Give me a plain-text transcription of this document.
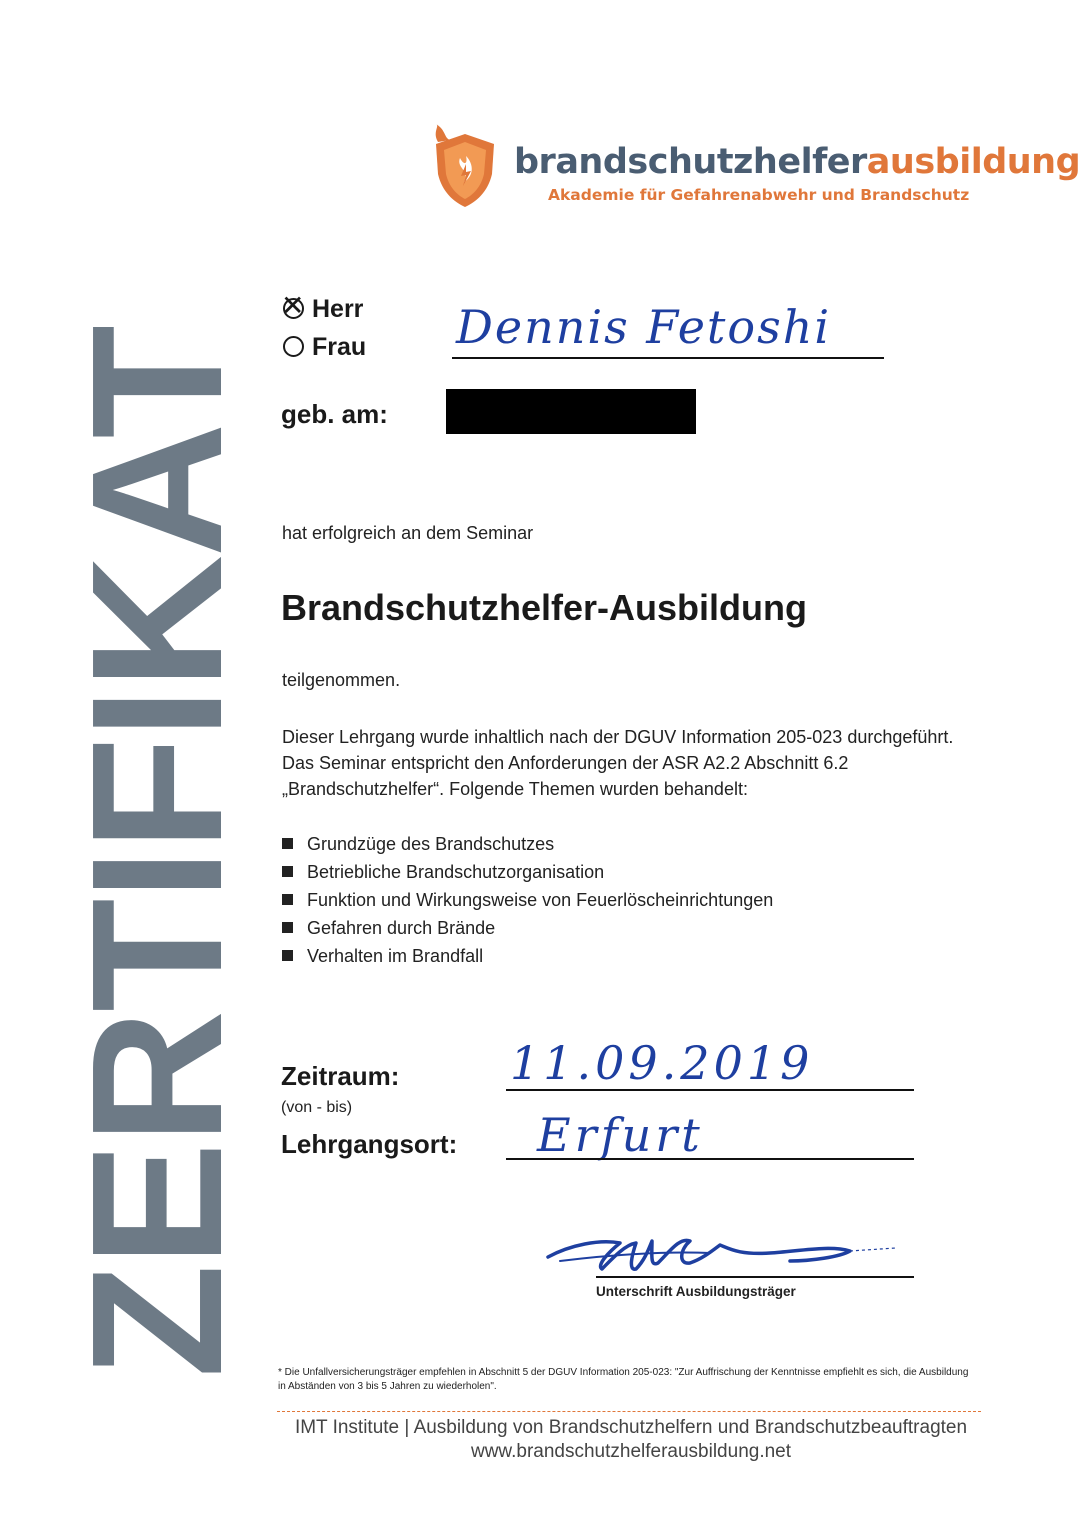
brandschutzhelferausbildung
Akademie für Gefahrenabwehr und Brandschutz
ZERTIFIKAT
✕ Herr
Frau Dennis Fetoshi
geb. am:
hat erfolgreich an dem Seminar
Brandschutzhelfer-Ausbildung
teilgenommen.
Dieser Lehrgang wurde inhaltlich nach der DGUV Information 205-023 durchgeführt. Das Seminar entspricht den Anforderungen der ASR A2.2 Abschnitt 6.2 „Brandschutzhelfer“. Folgende Themen wurden behandelt:
Grundzüge des Brandschutzes
Betriebliche Brandschutzorganisation
Funktion und Wirkungsweise von Feuerlöscheinrichtungen
Gefahren durch Brände
Verhalten im Brandfall
Zeitraum:
(von - bis)
11.09.2019
Lehrgangsort: Erfurt
Unterschrift Ausbildungsträger
* Die Unfallversicherungsträger empfehlen in Abschnitt 5 der DGUV Information 205-023: "Zur Auffrischung der Kenntnisse empfiehlt es sich, die Ausbildung in Abständen von 3 bis 5 Jahren zu wiederholen".
IMT Institute | Ausbildung von Brandschutzhelfern und Brandschutzbeauftragten
www.brandschutzhelferausbildung.net
